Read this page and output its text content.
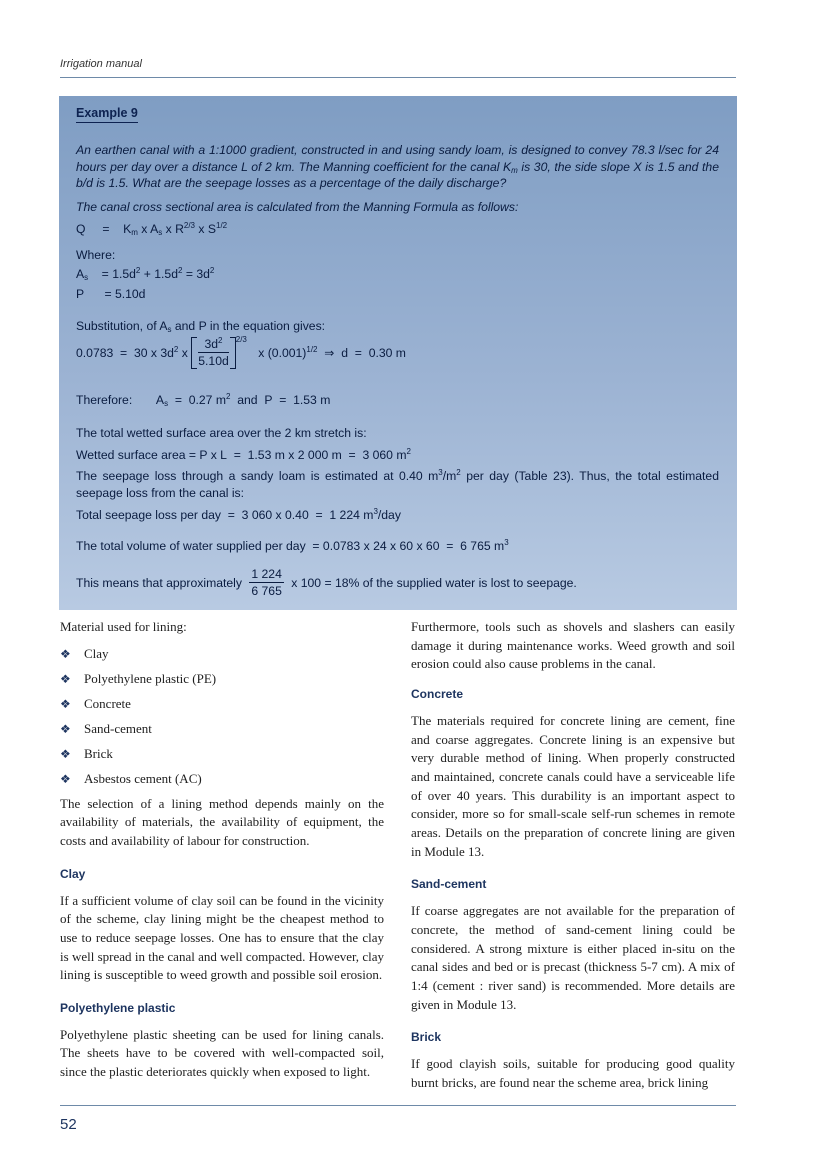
Irrigation manual
Example 9
An earthen canal with a 1:1000 gradient, constructed in and using sandy loam, is designed to convey 78.3 l/sec for 24 hours per day over a distance L of 2 km. The Manning coefficient for the canal $K_m$ is 30, the side slope X is 1.5 and the b/d is 1.5. What are the seepage losses as a percentage of the daily discharge?
The canal cross sectional area is calculated from the Manning Formula as follows:
Q     =    $K_m$ x $A_s$ x $R^{2/3}$ x $S^{1/2}$
Where:
$A_s$    = $1.5d^2 + 1.5d^2 = 3d^2$
P      = 5.10d
Substitution, of $A_s$ and P in the equation gives:
0.0783  =  30 x $3d^2$ x $\frac{3d^2}{5.10d} ^{2/3}$ x $(0.001)^{1/2}$  ⇒  d  =  0.30 m
Therefore:       $A_s = 0.27$ $m^2$  and  P  =  1.53 m
The total wetted surface area over the 2 km stretch is:
Wetted surface area = P x L  =  1.53 m x 2 000 m  =  3 060 $m^2$
The seepage loss through a sandy loam is estimated at 0.40 $m^3/m^2$ per day (Table 23). Thus, the total estimated seepage loss from the canal is:
Total seepage loss per day  =  3 060 x 0.40  =  1 224 $m^3$/day
The total volume of water supplied per day  = 0.0783 x 24 x 60 x 60  =  6 765 $m^3$
This means that approximately $\frac{1 224}{6 765}$ x 100 = 18% of the supplied water is lost to seepage.

Material used for lining:

❖ Clay
❖ Polyethylene plastic (PE)
❖ Concrete
❖ Sand-cement
❖ Brick
❖ Asbestos cement (AC)

The selection of a lining method depends mainly on the availability of materials, the availability of equipment, the costs and availability of labour for construction.

Clay

If a sufficient volume of clay soil can be found in the vicinity of the scheme, clay lining might be the cheapest method to use to reduce seepage losses. One has to ensure that the clay is well spread in the canal and well compacted. However, clay lining is susceptible to weed growth and possible soil erosion.

Polyethylene plastic

Polyethylene plastic sheeting can be used for lining canals. The sheets have to be covered with well-compacted soil, since the plastic deteriorates quickly when exposed to light.

Furthermore, tools such as shovels and slashers can easily damage it during maintenance works. Weed growth and soil erosion could also cause problems in the canal.

Concrete

The materials required for concrete lining are cement, fine and coarse aggregates. Concrete lining is an expensive but very durable method of lining. When properly constructed and maintained, concrete canals could have a serviceable life of over 40 years. This durability is an important aspect to consider, more so for small-scale self-run schemes in remote areas. Details on the preparation of concrete lining are given in Module 13.

Sand-cement

If coarse aggregates are not available for the preparation of concrete, the method of sand-cement lining could be considered. A strong mixture is either placed in-situ on the canal sides and bed or is precast (thickness 5-7 cm). A mix of 1:4 (cement : river sand) is recommended. More details are given in Module 13.

Brick

If good clayish soils, suitable for producing good quality burnt bricks, are found near the scheme area, brick lining

52
